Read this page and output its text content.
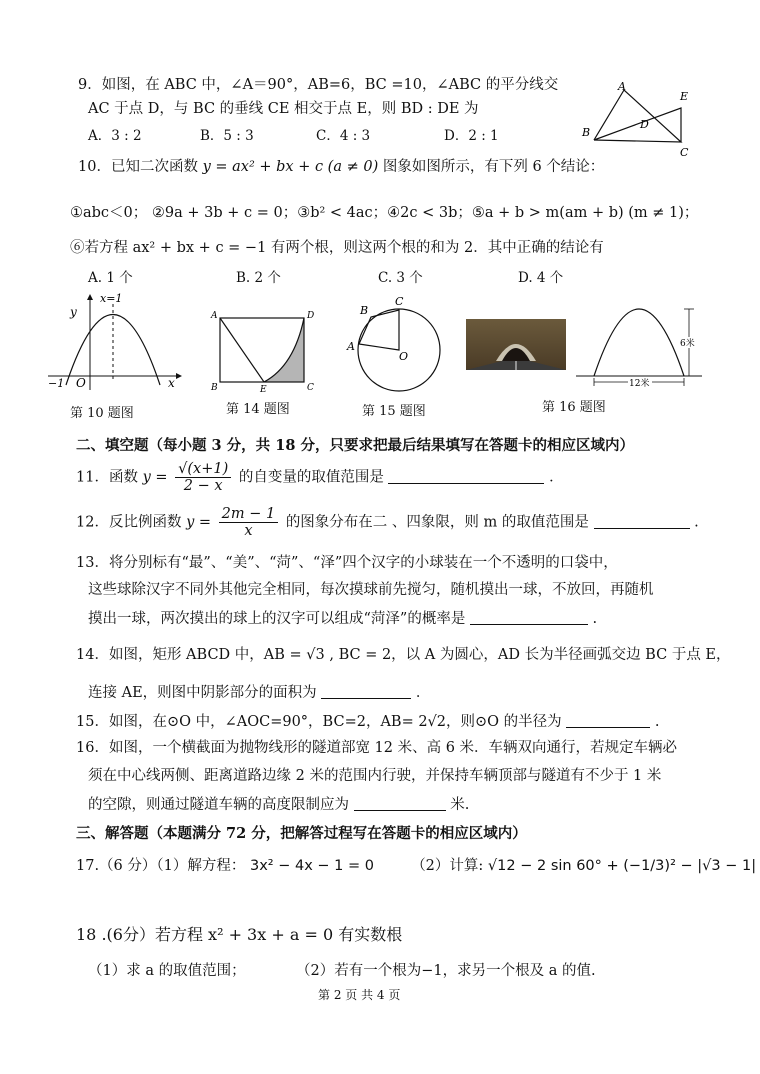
9．如图，在 ABC 中，∠A＝90°，AB=6，BC =10，∠ABC 的平分线交
AC 于点 D，与 BC 的垂线 CE 相交于点 E，则 BD : DE 为
A．3 : 2	B．5 : 3	C．4 : 3	D．2 : 1
A
B
C
D
E
10．已知二次函数 y = ax² + bx + c (a ≠ 0) 图象如图所示，有下列 6 个结论：
①abc＜0； ②9a + 3b + c = 0；③b² < 4ac；④2c < 3b；⑤a + b > m(am + b) (m ≠ 1)；
⑥若方程 ax² + bx + c = −1 有两个根，则这两个根的和为 2．其中正确的结论有
A. 1 个	B. 2 个	C. 3 个	D. 4 个
y
x
O
−1
x=1
第 10 题图
A
B	C
D
E
第 14 题图
A
B
C
O
第 15 题图
6米
12米
第 16 题图
二、填空题（每小题 3 分，共 18 分，只要求把最后结果填写在答题卡的相应区域内）
11．函数 $y = \frac{√(x+1)}{2 - x}$ 的自变量的取值范围是	．
12．反比例函数 $y = \frac{2m - 1}{x}$ 的图象分布在二 、四象限，则 m 的取值范围是	.
13．将分别标有“最”、“美”、“菏”、“泽”四个汉字的小球装在一个不透明的口袋中，
这些球除汉字不同外其他完全相同，每次摸球前先搅匀，随机摸出一球，不放回，再随机
摸出一球，两次摸出的球上的汉字可以组成“菏泽”的概率是	.
14．如图，矩形 ABCD 中，AB = √3 , BC = 2，以 A 为圆心，AD 长为半径画弧交边 BC 于点 E，
连接 AE，则图中阴影部分的面积为	．
15．如图，在⊙O 中，∠AOC=90°，BC=2，AB= 2√2，则⊙O 的半径为	.
16．如图，一个横截面为抛物线形的隧道部宽 12 米、高 6 米．车辆双向通行，若规定车辆必
须在中心线两侧、距离道路边缘 2 米的范围内行驶，并保持车辆顶部与隧道有不少于 1 米
的空隙，则通过隧道车辆的高度限制应为	米.
三、解答题（本题满分 72 分，把解答过程写在答题卡的相应区域内）
17.（6 分）（1）解方程： 3x² − 4x − 1 = 0	（2）计算: √12 − 2 sin 60° + (−1/3)² − |√3 − 1|
18 .(6分）若方程 x² + 3x + a = 0 有实数根
（1）求 a 的取值范围；	（2）若有一个根为−1，求另一个根及 a 的值.
第 2 页 共 4 页
